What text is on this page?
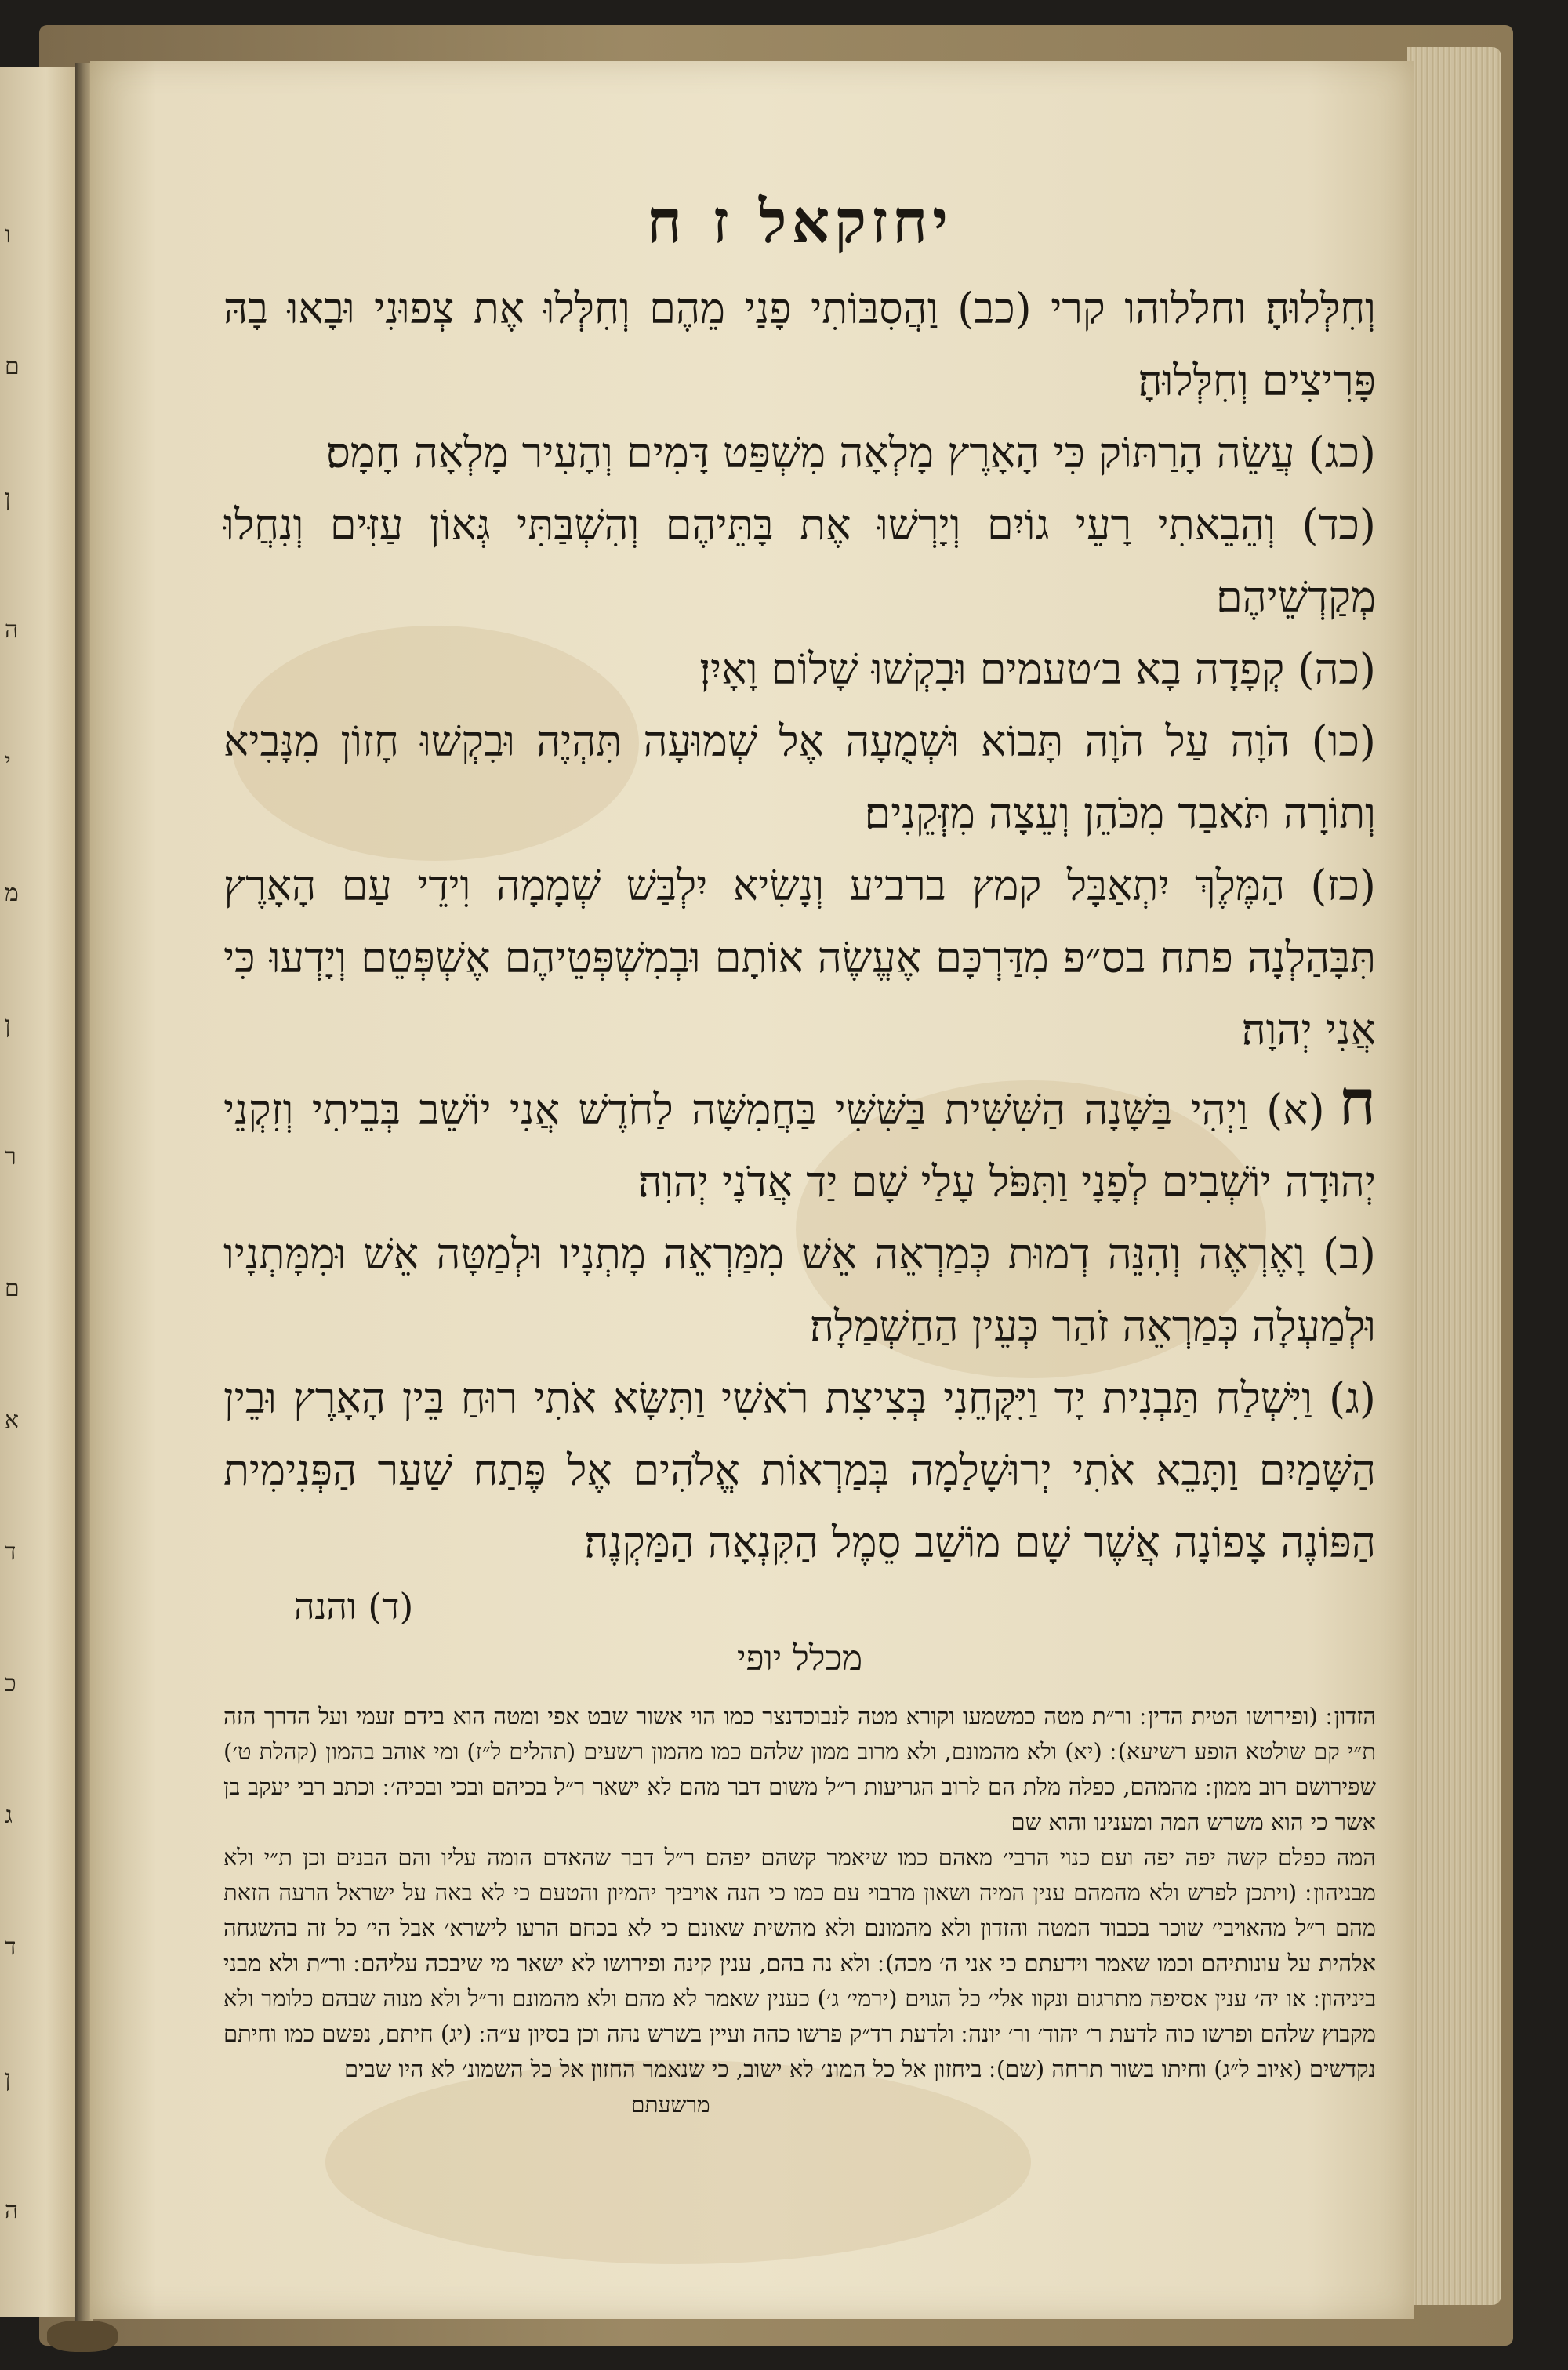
ו
ם
ן
ה
י
מ
ן
ר
ם
א
ד
כ
ג
ד
ן
ה
יחזקאל ז ח

וְחִלְּלוּהָ׃ וחללוהו קרי (כב) וַהֲסִבּוֹתִי פָנַי מֵהֶם וְחִלְּלוּ אֶת צְפוּנִי וּבָאוּ בָהּ פָּרִיצִים וְחִלְּלוּהָ׃

(כג) עֲשֵׂה הָרַתּוֹק כִּי הָאָרֶץ מָלְאָה מִשְׁפַּט דָּמִים וְהָעִיר מָלְאָה חָמָס׃

(כד) וְהֵבֵאתִי רָעֵי גוֹיִם וְיָרְשׁוּ אֶת בָּתֵּיהֶם וְהִשְׁבַּתִּי גְּאוֹן עַזִּים וְנִחֲלוּ מְקַדְשֵׁיהֶם׃

(כה) קְפָדָה בָא ב׳טעמים וּבִקְשׁוּ שָׁלוֹם וָאָיִן׃

(כו) הֹוָה עַל הֹוָה תָּבוֹא וּשְׁמֻעָה אֶל שְׁמוּעָה תִּהְיֶה וּבִקְשׁוּ חָזוֹן מִנָּבִיא וְתוֹרָה תֹּאבַד מִכֹּהֵן וְעֵצָה מִזְּקֵנִים׃

(כז) הַמֶּלֶךְ יִתְאַבָּל קמץ ברביע וְנָשִׂיא יִלְבַּשׁ שְׁמָמָה וִידֵי עַם הָאָרֶץ תִּבָּהַלְנָה פתח בס״פ מִדַּרְכָּם אֶעֱשֶׂה אוֹתָם וּבְמִשְׁפְּטֵיהֶם אֶשְׁפְּטֵם וְיָדְעוּ כִּי אֲנִי יְהוָה׃

ח(א) וַיְהִי בַּשָּׁנָה הַשִּׁשִּׁית בַּשִּׁשִּׁי בַּחֲמִשָּׁה לַחֹדֶשׁ אֲנִי יוֹשֵׁב בְּבֵיתִי וְזִקְנֵי יְהוּדָה יוֹשְׁבִים לְפָנָי וַתִּפֹּל עָלַי שָׁם יַד אֲדֹנָי יְהוִה׃

(ב) וָאֶרְאֶה וְהִנֵּה דְמוּת כְּמַרְאֵה אֵשׁ מִמַּרְאֵה מָתְנָיו וּלְמַטָּה אֵשׁ וּמִמָּתְנָיו וּלְמַעְלָה כְּמַרְאֵה זֹהַר כְּעֵין הַחַשְׁמַלָה׃

(ג) וַיִּשְׁלַח תַּבְנִית יָד וַיִּקָּחֵנִי בְּצִיצִת רֹאשִׁי וַתִּשָּׂא אֹתִי רוּחַ בֵּין הָאָרֶץ וּבֵין הַשָּׁמַיִם וַתָּבֵא אֹתִי יְרוּשָׁלַמָה בְּמַרְאוֹת אֱלֹהִים אֶל פֶּתַח שַׁעַר הַפְּנִימִית הַפּוֹנֶה צָפוֹנָה אֲשֶׁר שָׁם מוֹשַׁב סֵמֶל הַקִּנְאָה הַמַּקְנֶה׃

(ד) והנה
מכלל יופי

הזדון ׃ (ופירושו הטית הדין ׃ ור״ת מטה כמשמעו וקורא מטה לנבוכדנצר כמו הוי אשור שבט אפי ומטה הוא בידם זעמי ועל הדרך הזה ת״י קם שולטא הופע רשיעא) ׃ (יא) ולא מהמונם, ולא מרוב ממון שלהם כמו מהמון רשעים (תהלים ל״ז) ומי אוהב בהמון (קהלת ט׳) שפירושם רוב ממון ׃ מהמהם, כפלה מלת הם לרוב הגריעות ר״ל משום דבר מהם לא ישאר ר״ל בכיהם ובכי ובכיה׳ ׃ וכתב רבי יעקב בן אשר כי הוא משרש המה ומענינו והוא שם

המה כפלם קשה יפה יפה ועם כנוי הרבי׳ מאהם כמו שיאמר קשהם יפהם ר״ל דבר שהאדם הומה עליו והם הבנים וכן ת״י ולא מבניהון ׃ (ויתכן לפרש ולא מהמהם ענין המיה ושאון מרבוי עם כמו כי הנה אויביך יהמיון והטעם כי לא באה על ישראל הרעה הזאת מהם ר״ל מהאויבי׳ שוכר בכבוד המטה והזדון ולא מהמונם ולא מהשית שאונם כי לא בכחם הרעו לישרא׳ אבל הי׳ כל זה בהשגחה אלהית על עונותיהם וכמו שאמר וידעתם כי אני ה׳ מכה) ׃ ולא נה בהם, ענין קינה ופירושו לא ישאר מי שיבכה עליהם ׃ ור״ת ולא מבני ביניהון ׃ או יה׳ ענין אסיפה מתרגום ונקוו אלי׳ כל הגוים (ירמי׳ ג׳) כענין שאמר לא מהם ולא מהמונם ור״ל ולא מנוה שבהם כלומר ולא מקבוץ שלהם ופרשו כוה לדעת ר׳ יהוד׳ ור׳ יונה ׃ ולדעת רד״ק פרשו כהה ועיין בשרש נהה וכן בסיון ע״ה ׃ (יג) חיתם, נפשם כמו וחיתם נקדשים (איוב ל״ג) וחיתו בשור תרחה (שם) ׃ ביחזון אל כל המונ׳ לא ישוב, כי שנאמר החזון אל כל השמונ׳ לא היו שבים

מרשעתם
